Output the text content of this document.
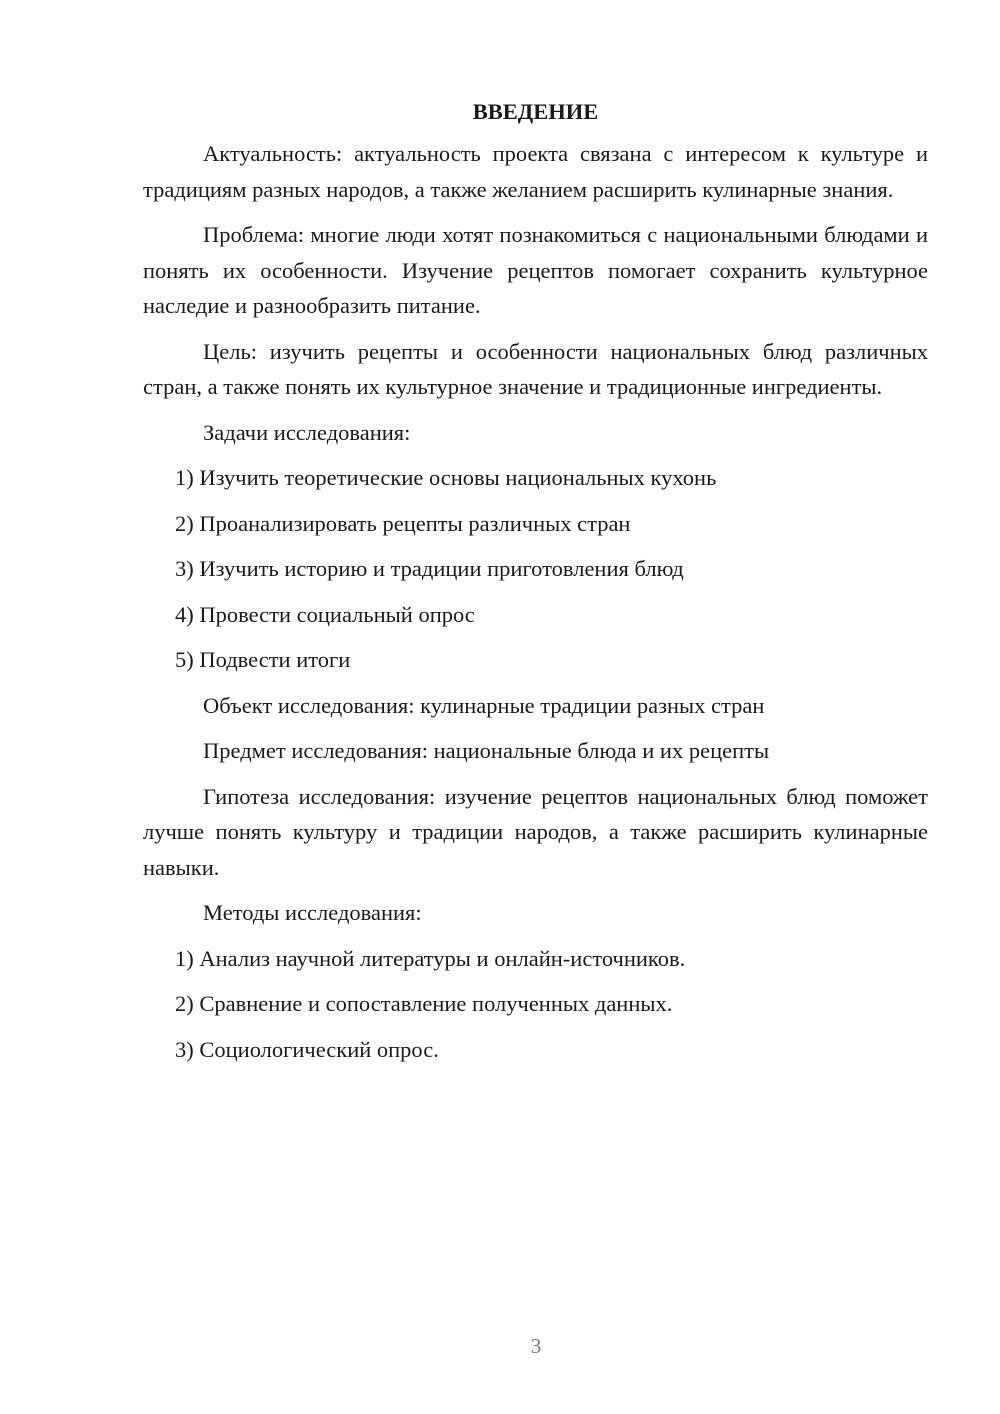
ВВЕДЕНИЕ

Актуальность: актуальность проекта связана с интересом к культуре и традициям разных народов, а также желанием расширить кулинарные знания.

Проблема: многие люди хотят познакомиться с национальными блюдами и понять их особенности. Изучение рецептов помогает сохранить культурное наследие и разнообразить питание.

Цель: изучить рецепты и особенности национальных блюд различных стран, а также понять их культурное значение и традиционные ингредиенты.

Задачи исследования:

1) Изучить теоретические основы национальных кухонь

2) Проанализировать рецепты различных стран

3) Изучить историю и традиции приготовления блюд

4) Провести социальный опрос

5) Подвести итоги

Объект исследования: кулинарные традиции разных стран

Предмет исследования: национальные блюда и их рецепты

Гипотеза исследования: изучение рецептов национальных блюд поможет лучше понять культуру и традиции народов, а также расширить кулинарные навыки.

Методы исследования:

1) Анализ научной литературы и онлайн-источников.

2) Сравнение и сопоставление полученных данных.

3) Социологический опрос.

3
